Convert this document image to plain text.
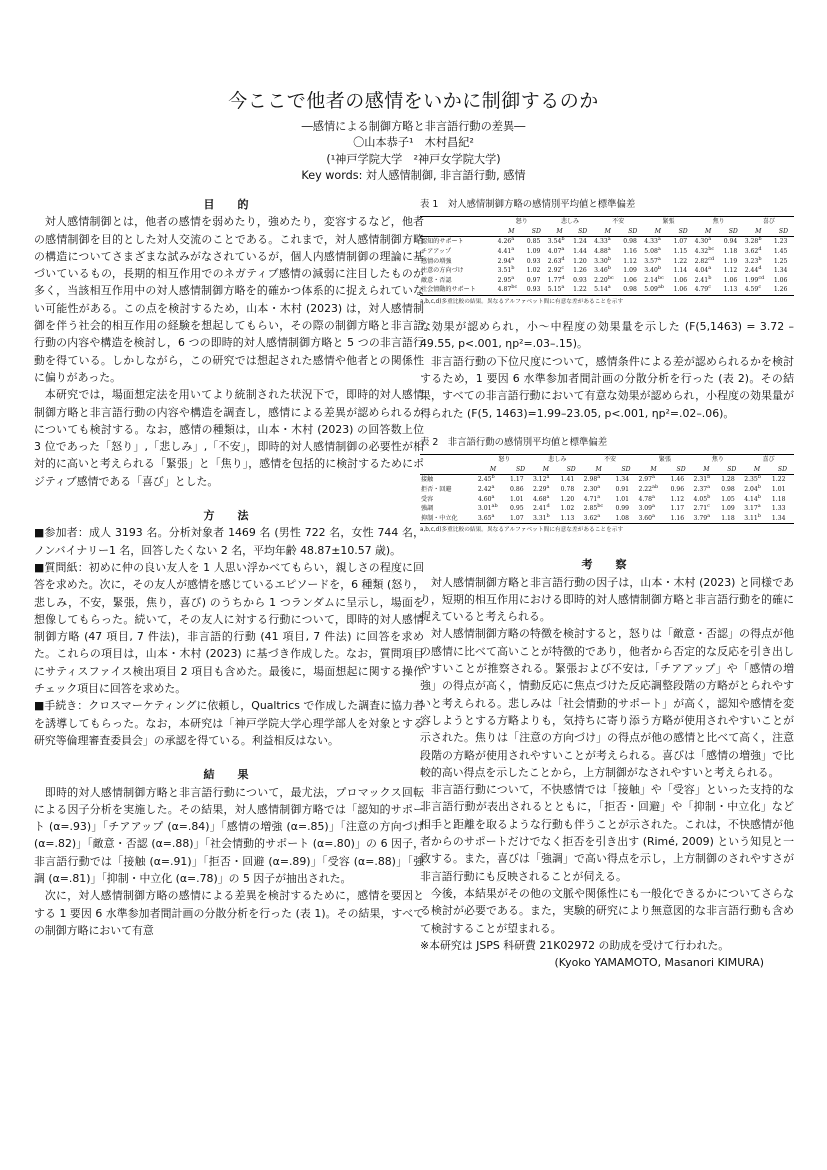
今ここで他者の感情をいかに制御するのか
―感情による制御方略と非言語行動の差異―
〇山本恭子¹　木村昌紀²
(¹神戸学院大学　²神戸女学院大学)
Key words: 対人感情制御, 非言語行動, 感情
目　的

対人感情制御とは，他者の感情を弱めたり，強めたり，変容するなど，他者の感情制御を目的とした対人交流のことである。これまで，対人感情制御方略の構造についてさまざまな試みがなされているが，個人内感情制御の理論に基づいているもの，長期的相互作用でのネガティブ感情の減弱に注目したものが多く，当該相互作用中の対人感情制御方略を的確かつ体系的に捉えられていない可能性がある。この点を検討するため，山本・木村 (2023) は，対人感情制御を伴う社会的相互作用の経験を想起してもらい，その際の制御方略と非言語行動の内容や構造を検討し，6 つの即時的対人感情制御方略と 5 つの非言語行動を得ている。しかしながら，この研究では想起された感情や他者との関係性に偏りがあった。

本研究では，場面想定法を用いてより統制された状況下で，即時的対人感情制御方略と非言語行動の内容や構造を調査し，感情による差異が認められるかについても検討する。なお，感情の種類は，山本・木村 (2023) の回答数上位 3 位であった「怒り」,「悲しみ」,「不安」，即時的対人感情制御の必要性が相対的に高いと考えられる「緊張」と「焦り」，感情を包括的に検討するためにポジティブ感情である「喜び」とした。

方　法

■参加者：成人 3193 名。分析対象者 1469 名 (男性 722 名，女性 744 名，ノンバイナリー1 名，回答したくない 2 名，平均年齢 48.87±10.57 歳)。

■質問紙：初めに仲の良い友人を 1 人思い浮かべてもらい，親しさの程度に回答を求めた。次に，その友人が感情を感じているエピソードを，6 種類 (怒り，悲しみ，不安，緊張，焦り，喜び) のうちから 1 つランダムに呈示し，場面を想像してもらった。続いて，その友人に対する行動について，即時的対人感情制御方略 (47 項目, 7 件法)，非言語的行動 (41 項目, 7 件法) に回答を求めた。これらの項目は，山本・木村 (2023) に基づき作成した。なお，質問項目にサティスファイス検出項目 2 項目も含めた。最後に，場面想起に関する操作チェック項目に回答を求めた。

■手続き：クロスマーケティングに依頼し，Qualtrics で作成した調査に協力者を誘導してもらった。なお，本研究は「神戸学院大学心理学部人を対象とする研究等倫理審査委員会」の承認を得ている。利益相反はない。

結　果

即時的対人感情制御方略と非言語行動について，最尤法，プロマックス回転による因子分析を実施した。その結果，対人感情制御方略では「認知的サポート (α=.93)」「チアアップ (α=.84)」「感情の増強 (α=.85)」「注意の方向づけ (α=.82)」「敵意・否認 (α=.88)」「社会情動的サポート (α=.80)」の 6 因子，非言語行動では「接触 (α=.91)」「拒否・回避 (α=.89)」「受容 (α=.88)」「強調 (α=.81)」「抑制・中立化 (α=.78)」の 5 因子が抽出された。

次に，対人感情制御方略の感情による差異を検討するために，感情を要因とする 1 要因 6 水準参加者間計画の分散分析を行った (表 1)。その結果，すべての制御方略において有意

表 1　対人感情制御方略の感情別平均値と標準偏差

	怒り		悲しみ		不安		緊張		焦り		喜び	
	M	SD	M	SD	M	SD	M	SD	M	SD	M	SD
認知的サポート	4.26$^a$	0.85	3.54$^b$	1.24	4.33$^a$	0.98	4.33$^a$	1.07	4.30$^a$	0.94	3.28$^b$	1.23
チアアップ	4.41$^a$	1.09	4.07$^a$	1.44	4.88$^a$	1.16	5.08$^a$	1.15	4.32$^{bc}$	1.18	3.62$^d$	1.45
感情の増強	2.94$^a$	0.93	2.63$^d$	1.20	3.30$^b$	1.12	3.57$^a$	1.22	2.82$^{cd}$	1.19	3.23$^b$	1.25
注意の方向づけ	3.51$^b$	1.02	2.92$^c$	1.26	3.46$^b$	1.09	3.40$^b$	1.14	4.04$^a$	1.12	2.44$^d$	1.34
敵意・否認	2.95$^a$	0.97	1.77$^d$	0.93	2.20$^{bc}$	1.06	2.14$^{bc}$	1.06	2.41$^b$	1.06	1.99$^{cd}$	1.06
社会情動的サポート	4.87$^{bc}$	0.93	5.15$^a$	1.22	5.14$^a$	0.98	5.09$^{ab}$	1.06	4.79$^c$	1.13	4.59$^c$	1.26

a,b,c,d)多重比較の結果。異なるアルファベット間に有意な差があることを示す

な効果が認められ，小～中程度の効果量を示した (F(5,1463) = 3.72 –49.55, p<.001, ηp²=.03–.15)。

非言語行動の下位尺度について，感情条件による差が認められるかを検討するため，1 要因 6 水準参加者間計画の分散分析を行った (表 2)。その結果，すべての非言語行動において有意な効果が認められ，小程度の効果量が得られた (F(5, 1463)=1.99–23.05, p<.001, ηp²=.02–.06)。

表 2　非言語行動の感情別平均値と標準偏差

	怒り		悲しみ		不安		緊張		焦り		喜び	
	M	SD	M	SD	M	SD	M	SD	M	SD	M	SD
接触	2.45$^b$	1.17	3.12$^a$	1.41	2.98$^a$	1.34	2.97$^a$	1.46	2.31$^b$	1.28	2.35$^b$	1.22
拒否・回避	2.42$^a$	0.86	2.29$^a$	0.78	2.30$^a$	0.91	2.22$^{ab}$	0.96	2.37$^a$	0.98	2.04$^b$	1.01
受容	4.60$^a$	1.01	4.68$^a$	1.20	4.71$^a$	1.01	4.78$^a$	1.12	4.05$^b$	1.05	4.14$^b$	1.18
強調	3.01$^{ab}$	0.95	2.41$^d$	1.02	2.85$^{bc}$	0.99	3.09$^a$	1.17	2.71$^c$	1.09	3.17$^a$	1.33
抑制・中立化	3.65$^a$	1.07	3.31$^b$	1.13	3.62$^a$	1.08	3.60$^a$	1.16	3.79$^a$	1.18	3.11$^b$	1.34

a,b,c,d)多重比較の結果。異なるアルファベット間に有意な差があることを示す

考　察

対人感情制御方略と非言語行動の因子は，山本・木村 (2023) と同様であり，短期的相互作用における即時的対人感情制御方略と非言語行動を的確に捉えていると考えられる。

対人感情制御方略の特徴を検討すると，怒りは「敵意・否認」の得点が他の感情に比べて高いことが特徴的であり，他者から否定的な反応を引き出しやすいことが推察される。緊張および不安は,「チアアップ」や「感情の増強」の得点が高く，情動反応に焦点づけた反応調整段階の方略がとられやすいと考えられる。悲しみは「社会情動的サポート」が高く，認知や感情を変容しようとする方略よりも，気持ちに寄り添う方略が使用されやすいことが示された。焦りは「注意の方向づけ」の得点が他の感情と比べて高く，注意段階の方略が使用されやすいことが考えられる。喜びは「感情の増強」で比較的高い得点を示したことから，上方制御がなされやすいと考えられる。

非言語行動について，不快感情では「接触」や「受容」といった支持的な非言語行動が表出されるとともに，「拒否・回避」や「抑制・中立化」など相手と距離を取るような行動も伴うことが示された。これは，不快感情が他者からのサポートだけでなく拒否を引き出す (Rimé, 2009) という知見と一致する。また，喜びは「強調」で高い得点を示し，上方制御のされやすさが非言語行動にも反映されることが伺える。

今後，本結果がその他の文脈や関係性にも一般化できるかについてさらなる検討が必要である。また，実験的研究により無意図的な非言語行動も含めて検討することが望まれる。

※本研究は JSPS 科研費 21K02972 の助成を受けて行われた。

(Kyoko YAMAMOTO, Masanori KIMURA)
